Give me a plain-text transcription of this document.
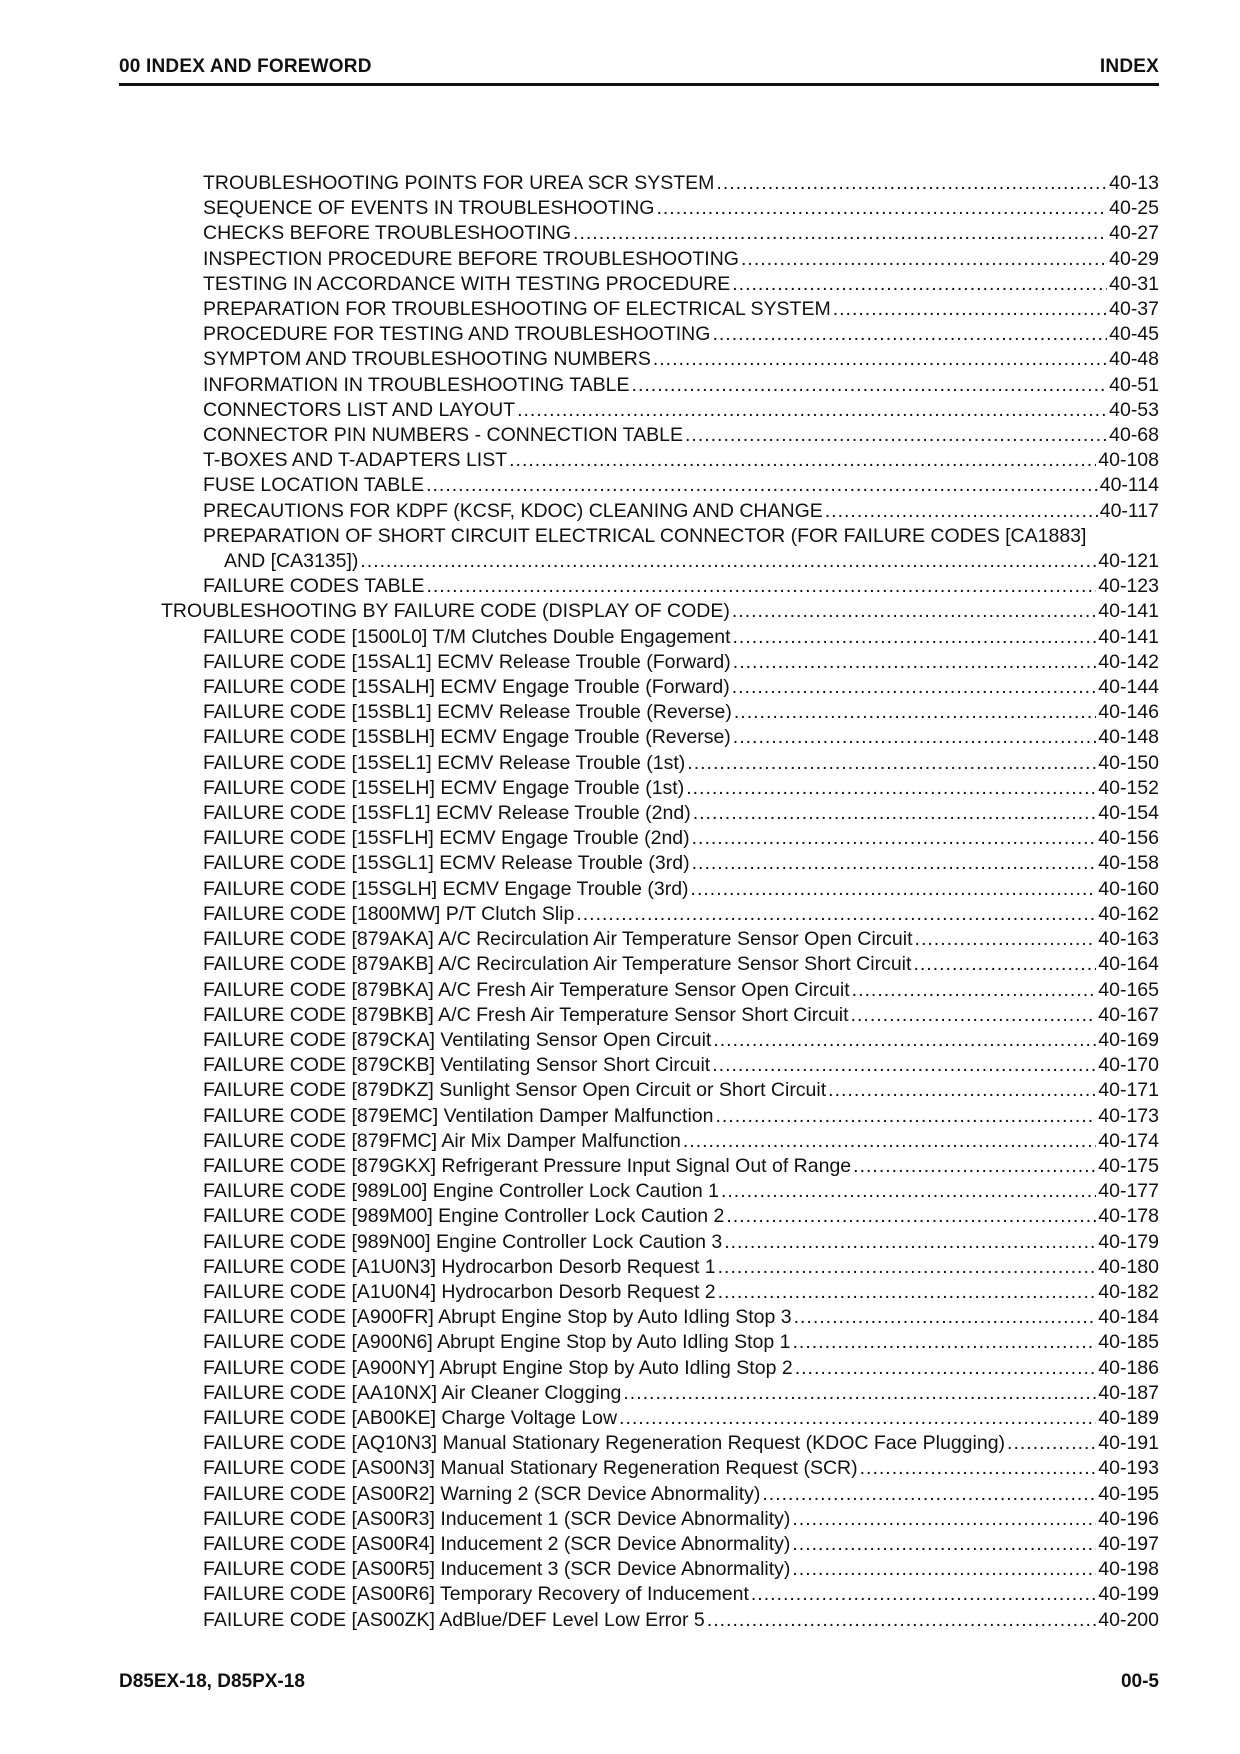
00 INDEX AND FOREWORD	INDEX
TROUBLESHOOTING POINTS FOR UREA SCR SYSTEM .....	40-13
SEQUENCE OF EVENTS IN TROUBLESHOOTING .....	40-25
CHECKS BEFORE TROUBLESHOOTING .....	40-27
INSPECTION PROCEDURE BEFORE TROUBLESHOOTING .....	40-29
TESTING IN ACCORDANCE WITH TESTING PROCEDURE .....	40-31
PREPARATION FOR TROUBLESHOOTING OF ELECTRICAL SYSTEM .....	40-37
PROCEDURE FOR TESTING AND TROUBLESHOOTING .....	40-45
SYMPTOM AND TROUBLESHOOTING NUMBERS .....	40-48
INFORMATION IN TROUBLESHOOTING TABLE .....	40-51
CONNECTORS LIST AND LAYOUT .....	40-53
CONNECTOR PIN NUMBERS - CONNECTION TABLE .....	40-68
T-BOXES AND T-ADAPTERS LIST .....	40-108
FUSE LOCATION TABLE .....	40-114
PRECAUTIONS FOR KDPF (KCSF, KDOC) CLEANING AND CHANGE .....	40-117
PREPARATION OF SHORT CIRCUIT ELECTRICAL CONNECTOR (FOR FAILURE CODES [CA1883]
AND [CA3135]) .....	40-121
FAILURE CODES TABLE .....	40-123
TROUBLESHOOTING BY FAILURE CODE (DISPLAY OF CODE) .....	40-141
FAILURE CODE [1500L0] T/M Clutches Double Engagement .....	40-141
FAILURE CODE [15SAL1] ECMV Release Trouble (Forward) .....	40-142
FAILURE CODE [15SALH] ECMV Engage Trouble (Forward) .....	40-144
FAILURE CODE [15SBL1] ECMV Release Trouble (Reverse) .....	40-146
FAILURE CODE [15SBLH] ECMV Engage Trouble (Reverse) .....	40-148
FAILURE CODE [15SEL1] ECMV Release Trouble (1st) .....	40-150
FAILURE CODE [15SELH] ECMV Engage Trouble (1st) .....	40-152
FAILURE CODE [15SFL1] ECMV Release Trouble (2nd) .....	40-154
FAILURE CODE [15SFLH] ECMV Engage Trouble (2nd) .....	40-156
FAILURE CODE [15SGL1] ECMV Release Trouble (3rd) .....	40-158
FAILURE CODE [15SGLH] ECMV Engage Trouble (3rd) .....	40-160
FAILURE CODE [1800MW] P/T Clutch Slip .....	40-162
FAILURE CODE [879AKA] A/C Recirculation Air Temperature Sensor Open Circuit .....	40-163
FAILURE CODE [879AKB] A/C Recirculation Air Temperature Sensor Short Circuit .....	40-164
FAILURE CODE [879BKA] A/C Fresh Air Temperature Sensor Open Circuit .....	40-165
FAILURE CODE [879BKB] A/C Fresh Air Temperature Sensor Short Circuit .....	40-167
FAILURE CODE [879CKA] Ventilating Sensor Open Circuit .....	40-169
FAILURE CODE [879CKB] Ventilating Sensor Short Circuit .....	40-170
FAILURE CODE [879DKZ] Sunlight Sensor Open Circuit or Short Circuit .....	40-171
FAILURE CODE [879EMC] Ventilation Damper Malfunction .....	40-173
FAILURE CODE [879FMC] Air Mix Damper Malfunction .....	40-174
FAILURE CODE [879GKX] Refrigerant Pressure Input Signal Out of Range .....	40-175
FAILURE CODE [989L00] Engine Controller Lock Caution 1 .....	40-177
FAILURE CODE [989M00] Engine Controller Lock Caution 2 .....	40-178
FAILURE CODE [989N00] Engine Controller Lock Caution 3 .....	40-179
FAILURE CODE [A1U0N3] Hydrocarbon Desorb Request 1 .....	40-180
FAILURE CODE [A1U0N4] Hydrocarbon Desorb Request 2 .....	40-182
FAILURE CODE [A900FR] Abrupt Engine Stop by Auto Idling Stop 3 .....	40-184
FAILURE CODE [A900N6] Abrupt Engine Stop by Auto Idling Stop 1 .....	40-185
FAILURE CODE [A900NY] Abrupt Engine Stop by Auto Idling Stop 2 .....	40-186
FAILURE CODE [AA10NX] Air Cleaner Clogging .....	40-187
FAILURE CODE [AB00KE] Charge Voltage Low .....	40-189
FAILURE CODE [AQ10N3] Manual Stationary Regeneration Request (KDOC Face Plugging) .....	40-191
FAILURE CODE [AS00N3] Manual Stationary Regeneration Request (SCR) .....	40-193
FAILURE CODE [AS00R2] Warning 2 (SCR Device Abnormality) .....	40-195
FAILURE CODE [AS00R3] Inducement 1 (SCR Device Abnormality) .....	40-196
FAILURE CODE [AS00R4] Inducement 2 (SCR Device Abnormality) .....	40-197
FAILURE CODE [AS00R5] Inducement 3 (SCR Device Abnormality) .....	40-198
FAILURE CODE [AS00R6] Temporary Recovery of Inducement .....	40-199
FAILURE CODE [AS00ZK] AdBlue/DEF Level Low Error 5 .....	40-200
D85EX-18, D85PX-18	00-5
